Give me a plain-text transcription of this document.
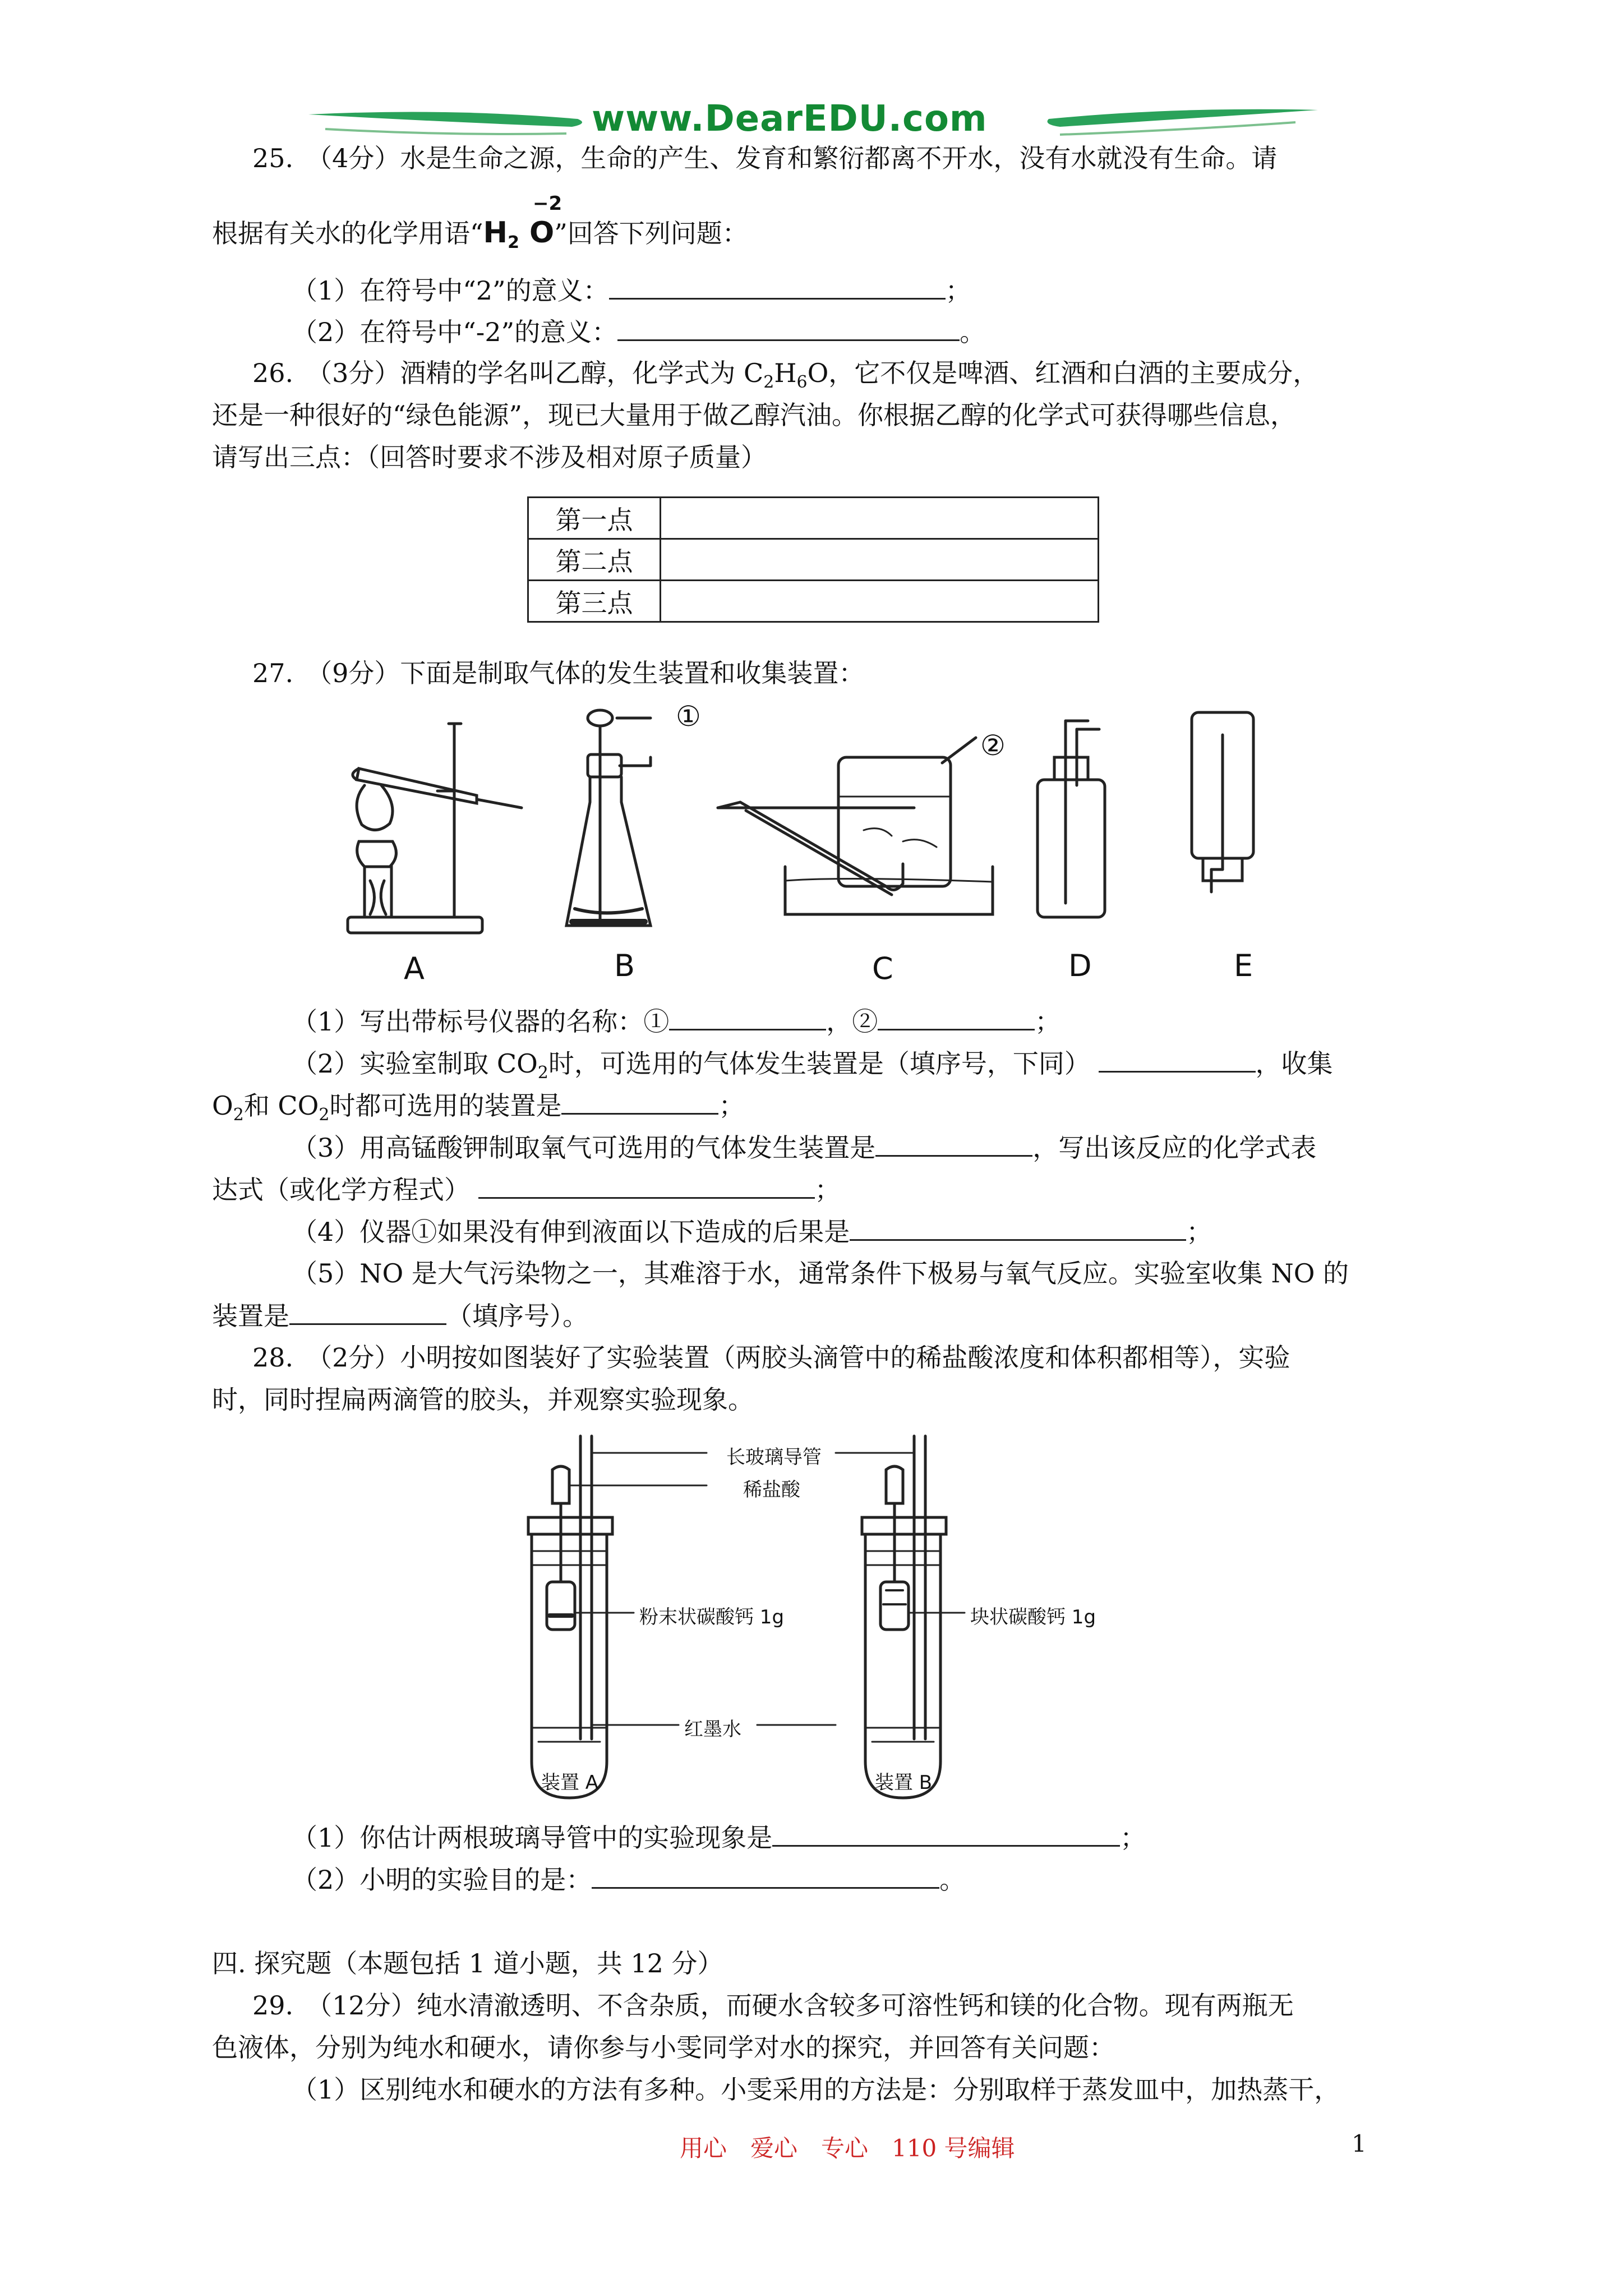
www.DearEDU.com
25.　（4分）水是生命之源，生命的产生、发育和繁衍都离不开水，没有水就没有生命。请
根据有关水的化学用语“$H_2$
−2
O”回答下列问题：
（1）在符号中“2”的意义：	；
（2）在符号中“-2”的意义：	。
26.　（3分）酒精的学名叫乙醇，化学式为 $C_2H_6O$，它不仅是啤酒、红酒和白酒的主要成分，
还是一种很好的“绿色能源”，现已大量用于做乙醇汽油。你根据乙醇的化学式可获得哪些信息，
请写出三点：（回答时要求不涉及相对原子质量）
第一点	
第二点	
第三点	
27.　（9分）下面是制取气体的发生装置和收集装置：
①
②
A	B	C	D	E
（1）写出带标号仪器的名称：①	，②	；
（2）实验室制取 $CO_2$时，可选用的气体发生装置是（填序号，下同）	，收集
$O_2$和 $CO_2$时都可选用的装置是	；
（3）用高锰酸钾制取氧气可选用的气体发生装置是	，写出该反应的化学式表
达式（或化学方程式）	；
（4）仪器①如果没有伸到液面以下造成的后果是	；
（5）NO 是大气污染物之一，其难溶于水，通常条件下极易与氧气反应。实验室收集 NO 的
装置是	（填序号）。
28.　（2分）小明按如图装好了实验装置（两胶头滴管中的稀盐酸浓度和体积都相等），实验
时，同时捏扁两滴管的胶头，并观察实验现象。
长玻璃导管
稀盐酸
粉末状碳酸钙 1g	块状碳酸钙 1g
红墨水
装置 A	装置 B
（1）你估计两根玻璃导管中的实验现象是	；
（2）小明的实验目的是：	。
四. 探究题（本题包括 1 道小题，共 12 分）
29.　（12分）纯水清澈透明、不含杂质，而硬水含较多可溶性钙和镁的化合物。现有两瓶无
色液体，分别为纯水和硬水，请你参与小雯同学对水的探究，并回答有关问题：
（1）区别纯水和硬水的方法有多种。小雯采用的方法是：分别取样于蒸发皿中，加热蒸干，
用心　爱心　专心　110 号编辑	1
